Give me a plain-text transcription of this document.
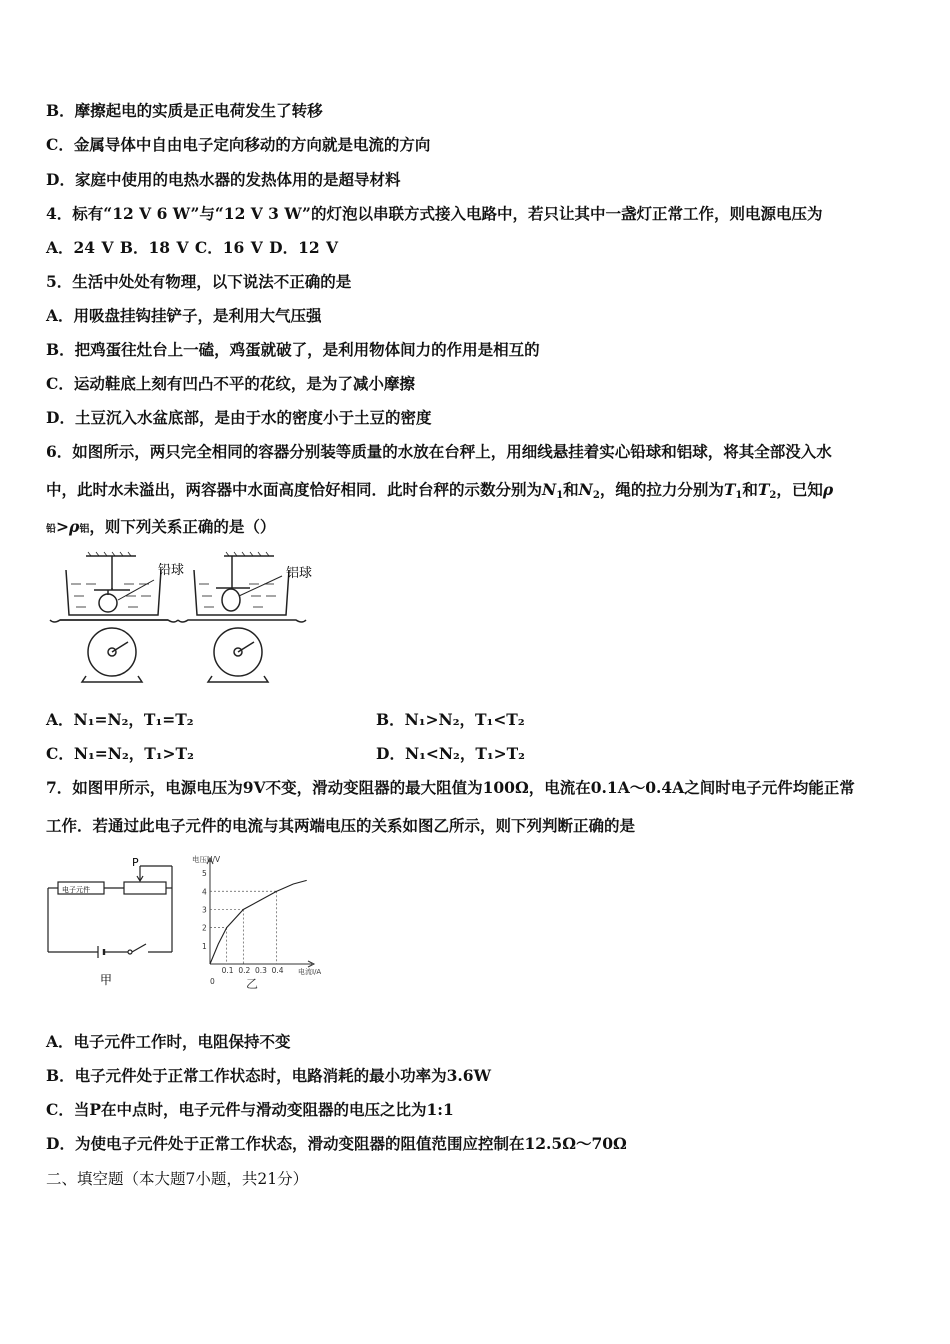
B．摩擦起电的实质是正电荷发生了转移
C．金属导体中自由电子定向移动的方向就是电流的方向
D．家庭中使用的电热水器的发热体用的是超导材料
4．标有“12 V 6 W”与“12 V 3 W”的灯泡以串联方式接入电路中，若只让其中一盏灯正常工作，则电源电压为
A．24 V B．18 V C．16 V D．12 V
5．生活中处处有物理，以下说法不正确的是
A．用吸盘挂钩挂铲子，是利用大气压强
B．把鸡蛋往灶台上一磕，鸡蛋就破了，是利用物体间力的作用是相互的
C．运动鞋底上刻有凹凸不平的花纹，是为了减小摩擦
D．土豆沉入水盆底部，是由于水的密度小于土豆的密度
6．如图所示，两只完全相同的容器分别装等质量的水放在台秤上，用细线悬挂着实心铅球和铝球，将其全部没入水
中，此时水未溢出，两容器中水面高度恰好相同．此时台秤的示数分别为$N_1$和$N_2$，绳的拉力分别为$T_1$和$T_2$，已知ρ
铅>ρ铝，则下列关系正确的是（）
铅球	铝球
A．N₁=N₂，T₁=T₂	B．N₁>N₂，T₁<T₂
C．N₁=N₂，T₁>T₂	D．N₁<N₂，T₁>T₂
7．如图甲所示，电源电压为9V不变，滑动变阻器的最大阻值为100Ω，电流在0.1A～0.4A之间时电子元件均能正常
工作．若通过此电子元件的电流与其两端电压的关系如图乙所示，则下列判断正确的是
电子元件
P
甲
0.1 0.2 0.3 0.4
1
2
3
4
5
电压U/V
电流I/A
0	乙
A．电子元件工作时，电阻保持不变
B．电子元件处于正常工作状态时，电路消耗的最小功率为3.6W
C．当P在中点时，电子元件与滑动变阻器的电压之比为1:1
D．为使电子元件处于正常工作状态，滑动变阻器的阻值范围应控制在12.5Ω～70Ω
二、填空题（本大题7小题，共21分）
